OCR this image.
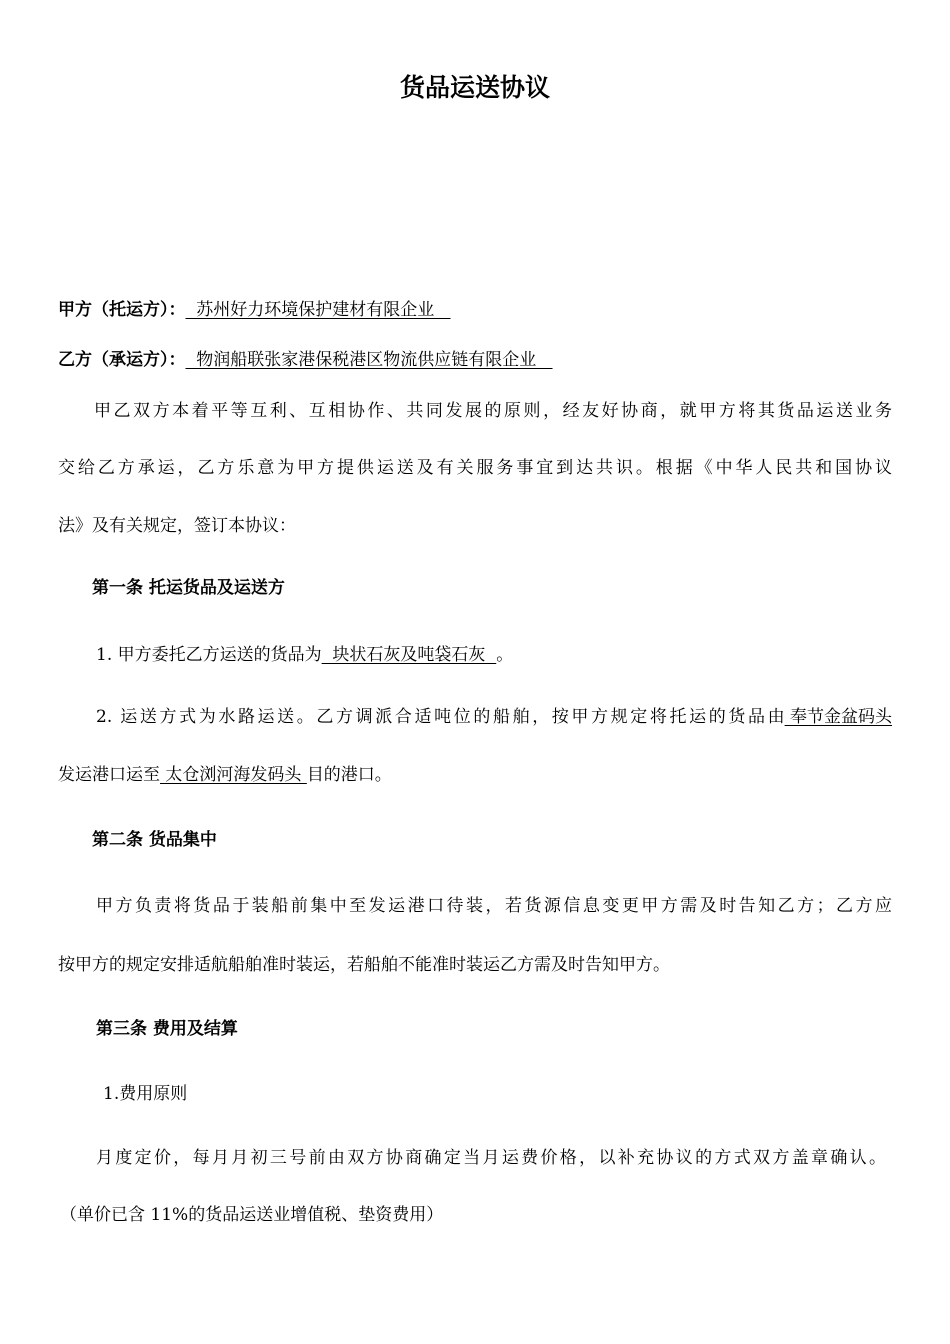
货品运送协议
甲方（托运方）：  苏州好力环境保护建材有限企业
乙方（承运方）：  物润船联张家港保税港区物流供应链有限企业
甲乙双方本着平等互利、互相协作、共同发展的原则，经友好协商，就甲方将其货品运送业务
交给乙方承运，乙方乐意为甲方提供运送及有关服务事宜到达共识。根据《中华人民共和国协议
法》及有关规定，签订本协议：
第一条 托运货品及运送方
1. 甲方委托乙方运送的货品为  块状石灰及吨袋石灰  。
2. 运送方式为水路运送。乙方调派合适吨位的船舶，按甲方规定将托运的货品由 奉节金盆码头
发运港口运至 太仓浏河海发码头 目的港口。
第二条 货品集中
甲方负责将货品于装船前集中至发运港口待装，若货源信息变更甲方需及时告知乙方；乙方应
按甲方的规定安排适航船舶准时装运，若船舶不能准时装运乙方需及时告知甲方。
第三条 费用及结算
1.费用原则
月度定价，每月月初三号前由双方协商确定当月运费价格，以补充协议的方式双方盖章确认。
（单价已含 11%的货品运送业增值税、垫资费用）
